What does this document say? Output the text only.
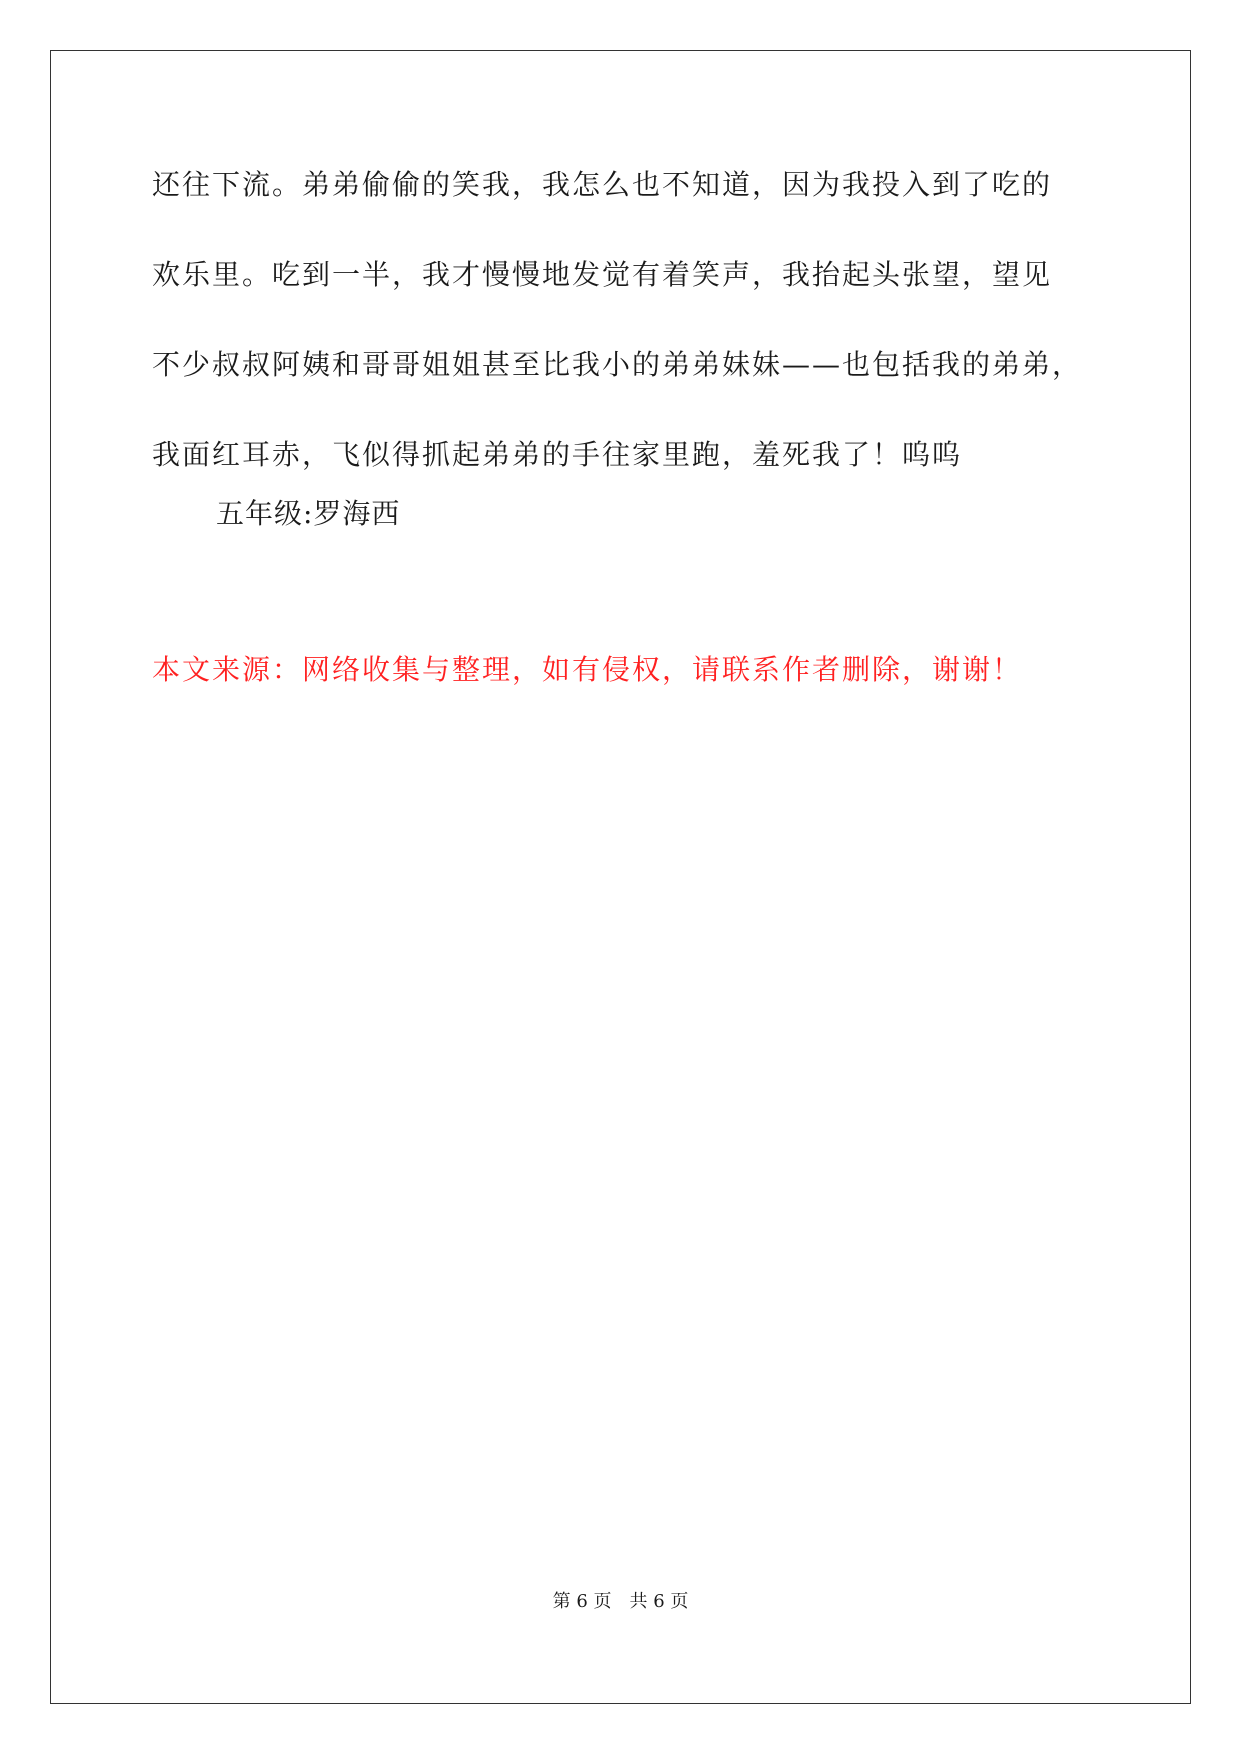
还往下流。弟弟偷偷的笑我，我怎么也不知道，因为我投入到了吃的

欢乐里。吃到一半，我才慢慢地发觉有着笑声，我抬起头张望，望见

不少叔叔阿姨和哥哥姐姐甚至比我小的弟弟妹妹——也包括我的弟弟，

我面红耳赤，飞似得抓起弟弟的手往家里跑，羞死我了！呜呜

五年级:罗海西

本文来源：网络收集与整理，如有侵权，请联系作者删除，谢谢！

第 6 页　共 6 页
